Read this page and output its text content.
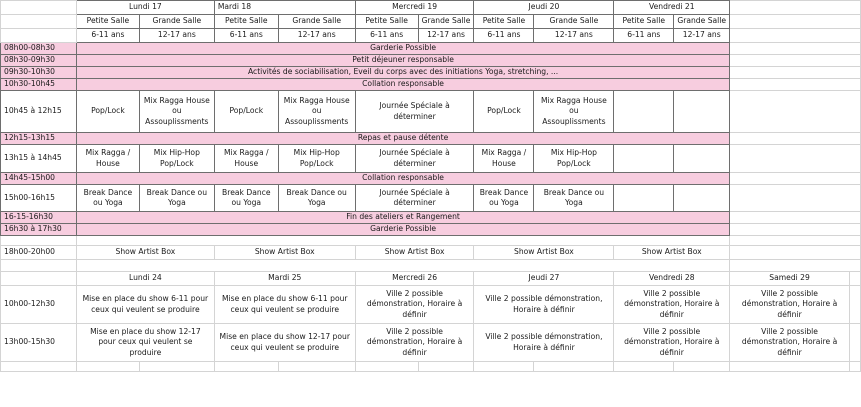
	Lundi 17		Mardi 18		Mercredi 19		Jeudi 20		Vendredi 21			
	Petite Salle	Grande Salle	Petite Salle	Grande Salle	Petite Salle	Grande Salle	Petite Salle	Grande Salle	Petite Salle	Grande Salle		
	6-11 ans	12-17 ans	6-11 ans	12-17 ans	6-11 ans	12-17 ans	6-11 ans	12-17 ans	6-11 ans	12-17 ans		
08h00-08h30	Garderie Possible											
08h30-09h30	Petit déjeuner responsable											
09h30-10h30	Activités de sociabilisation, Eveil du corps avec des initiations Yoga, stretching, ...											
10h30-10h45	Collation responsable											
10h45 à 12h15	Pop/Lock	Mix Ragga House
ou
Assouplissments	Pop/Lock	Mix Ragga House
ou
Assouplissments	Journée Spéciale à
déterminer		Pop/Lock	Mix Ragga House
ou
Assouplissments				
12h15-13h15	Repas et pause détente											
13h15 à 14h45	Mix Ragga /
House	Mix Hip-Hop
Pop/Lock	Mix Ragga /
House	Mix Hip-Hop
Pop/Lock	Journée Spéciale à
déterminer		Mix Ragga /
House	Mix Hip-Hop
Pop/Lock				
14h45-15h00	Collation responsable											
15h00-16h15	Break Dance
ou Yoga	Break Dance ou
Yoga	Break Dance
ou Yoga	Break Dance ou
Yoga	Journée Spéciale à
déterminer		Break Dance
ou Yoga	Break Dance ou
Yoga				
16-15-16h30	Fin des ateliers et Rangement											
16h30 à 17h30	Garderie Possible											

18h00-20h00	Show Artist Box		Show Artist Box		Show Artist Box		Show Artist Box		Show Artist Box			

	Lundi 24		Mardi 25		Mercredi 26		Jeudi 27		Vendredi 28		Samedi 29	
10h00-12h30	Mise en place du show 6-11 pour
ceux qui veulent se produire		Mise en place du show 6-11 pour
ceux qui veulent se produire		Ville 2 possible
démonstration, Horaire à
définir		Ville 2 possible démonstration,
Horaire à définir		Ville 2 possible
démonstration, Horaire à
définir		Ville 2 possible
démonstration, Horaire à
définir	
13h00-15h30	Mise en place du show 12-17
pour ceux qui veulent se
produire		Mise en place du show 12-17 pour
ceux qui veulent se produire		Ville 2 possible
démonstration, Horaire à
définir		Ville 2 possible démonstration,
Horaire à définir		Ville 2 possible
démonstration, Horaire à
définir		Ville 2 possible
démonstration, Horaire à
définir	
